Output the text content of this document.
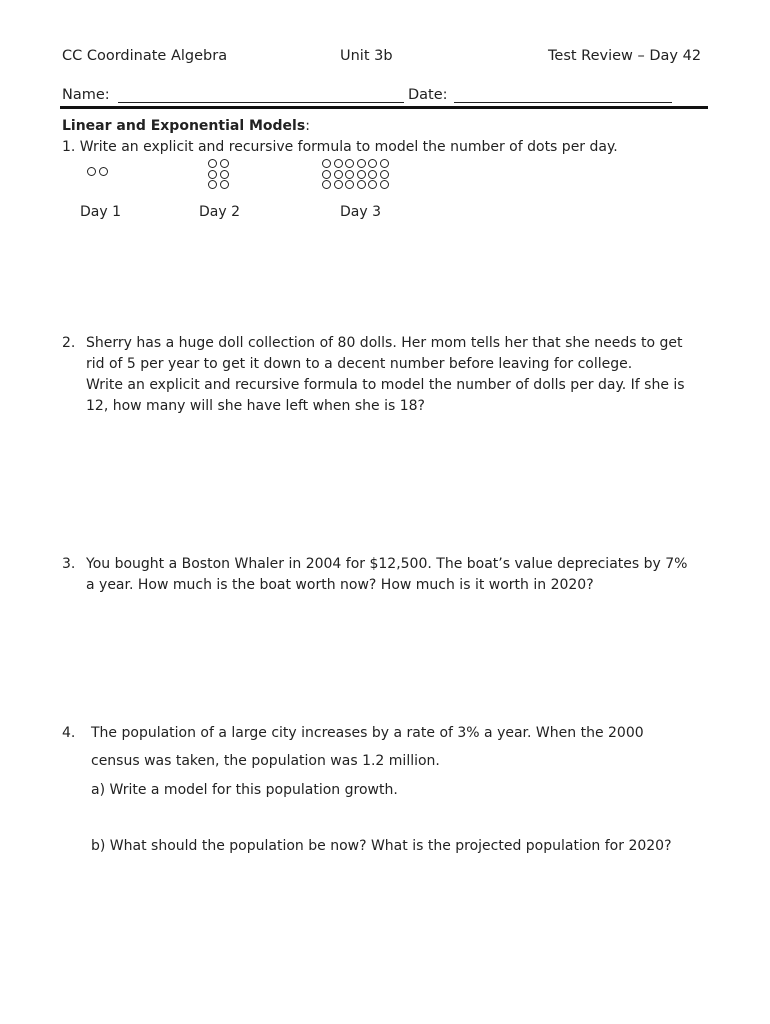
CC Coordinate Algebra	Unit 3b	Test Review – Day 42
Name:	Date:
Linear and Exponential Models:
1. Write an explicit and recursive formula to model the number of dots per day.
Day 1	Day 2	Day 3
2. Sherry has a huge doll collection of 80 dolls. Her mom tells her that she needs to get
rid of 5 per year to get it down to a decent number before leaving for college.
Write an explicit and recursive formula to model the number of dolls per day. If she is
12, how many will she have left when she is 18?
3. You bought a Boston Whaler in 2004 for $12,500. The boat’s value depreciates by 7%
a year. How much is the boat worth now? How much is it worth in 2020?
4. The population of a large city increases by a rate of 3% a year. When the 2000
census was taken, the population was 1.2 million.
a) Write a model for this population growth.
b) What should the population be now? What is the projected population for 2020?
